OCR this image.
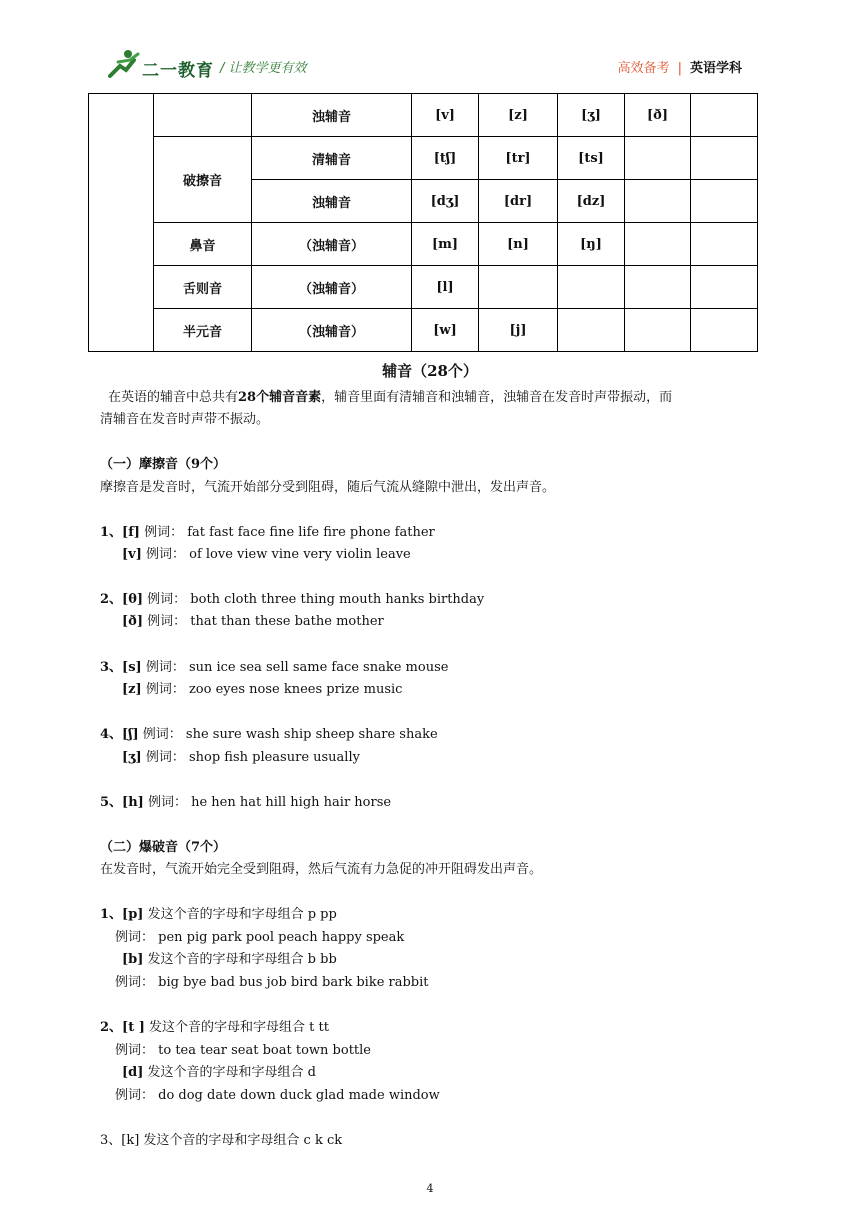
二一教育 / 让教学更有效	高效备考 | 英语学科
		浊辅音	[v]	[z]	[ʒ]	[ð]	
	破擦音	清辅音	[tʃ]	[tr]	[ts]		
		浊辅音	[dʒ]	[dr]	[dz]		
	鼻音	（浊辅音）	[m]	[n]	[ŋ]		
	舌则音	（浊辅音）	[l]				
	半元音	（浊辅音）	[w]	[j]			
辅音（28个）
在英语的辅音中总共有28个辅音音素，辅音里面有清辅音和浊辅音，浊辅音在发音时声带振动，而
清辅音在发音时声带不振动。
（一）摩擦音（9个）
摩擦音是发音时，气流开始部分受到阻碍，随后气流从缝隙中泄出，发出声音。
1、[f] 例词： fat fast face fine life fire phone father
[v] 例词： of love view vine very violin leave
2、[θ] 例词： both cloth three thing mouth hanks birthday
[ð] 例词： that than these bathe mother
3、[s] 例词： sun ice sea sell same face snake mouse
[z] 例词： zoo eyes nose knees prize music
4、[ʃ] 例词： she sure wash ship sheep share shake
[ʒ] 例词： shop fish pleasure usually
5、[h] 例词： he hen hat hill high hair horse
（二）爆破音（7个）
在发音时，气流开始完全受到阻碍，然后气流有力急促的冲开阻碍发出声音。
1、[p] 发这个音的字母和字母组合 p pp
例词： pen pig park pool peach happy speak
[b] 发这个音的字母和字母组合 b bb
例词： big bye bad bus job bird bark bike rabbit
2、[t ] 发这个音的字母和字母组合 t tt
例词： to tea tear seat boat town bottle
[d] 发这个音的字母和字母组合 d
例词： do dog date down duck glad made window
3、[k] 发这个音的字母和字母组合 c k ck
4
